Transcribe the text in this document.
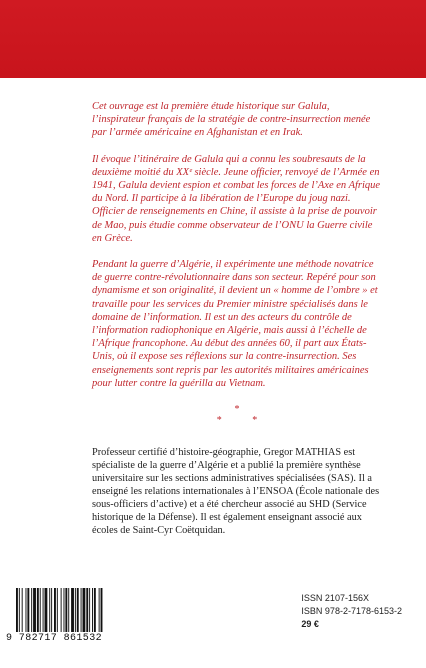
Cet ouvrage est la première étude historique sur Galula, l’inspirateur français de la stratégie de contre-insurrection menée par l’armée américaine en Afghanistan et en Irak.

Il évoque l’itinéraire de Galula qui a connu les soubresauts de la deuxième moitié du XXᵉ siècle. Jeune officier, renvoyé de l’Armée en 1941, Galula devient espion et combat les forces de l’Axe en Afrique du Nord. Il participe à la libération de l’Europe du joug nazi. Officier de renseignements en Chine, il assiste à la prise de pouvoir de Mao, puis étudie comme observateur de l’ONU la Guerre civile en Grèce.

Pendant la guerre d’Algérie, il expérimente une méthode novatrice de guerre contre-révolutionnaire dans son secteur. Repéré pour son dynamisme et son originalité, il devient un « homme de l’ombre » et travaille pour les services du Premier ministre spécialisés dans le domaine de l’information. Il est un des acteurs du contrôle de l’information radiophonique en Algérie, mais aussi à l’échelle de l’Afrique francophone. Au début des années 60, il part aux États-Unis, où il expose ses réflexions sur la contre-insurrection. Ses enseignements sont repris par les autorités militaires américaines pour lutter contre la guérilla au Vietnam.

*
* *

Professeur certifié d’histoire-géographie, Gregor MATHIAS est spécialiste de la guerre d’Algérie et a publié la première synthèse universitaire sur les sections administratives spécialisées (SAS). Il a enseigné les relations internationales à l’ENSOA (École nationale des sous-officiers d’active) et a été chercheur associé au SHD (Service historique de la Défense). Il est également enseignant associé aux écoles de Saint-Cyr Coëtquidan.

9 782717 861532
ISSN 2107-156X
ISBN 978-2-7178-6153-2
29 €
